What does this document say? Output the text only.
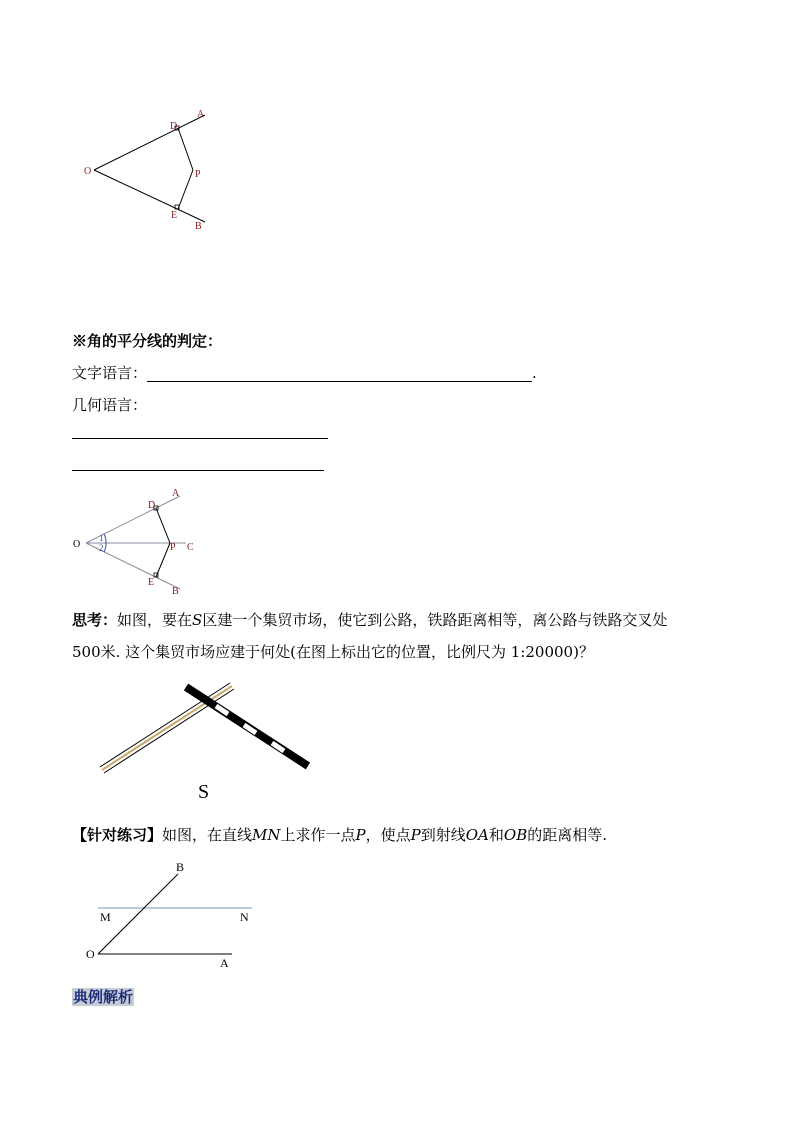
O
A
D
P
E
B
※角的平分线的判定：
文字语言：	.
几何语言：
O
1
2
D
A
P C
E
B
思考：如图，要在S区建一个集贸市场，使它到公路，铁路距离相等，离公路与铁路交叉处
500米. 这个集贸市场应建于何处(在图上标出它的位置，比例尺为 1:20000)？
S
【针对练习】如图，在直线MN上求作一点P，使点P到射线OA和OB的距离相等.
B
M	N
O
A
典例解析
